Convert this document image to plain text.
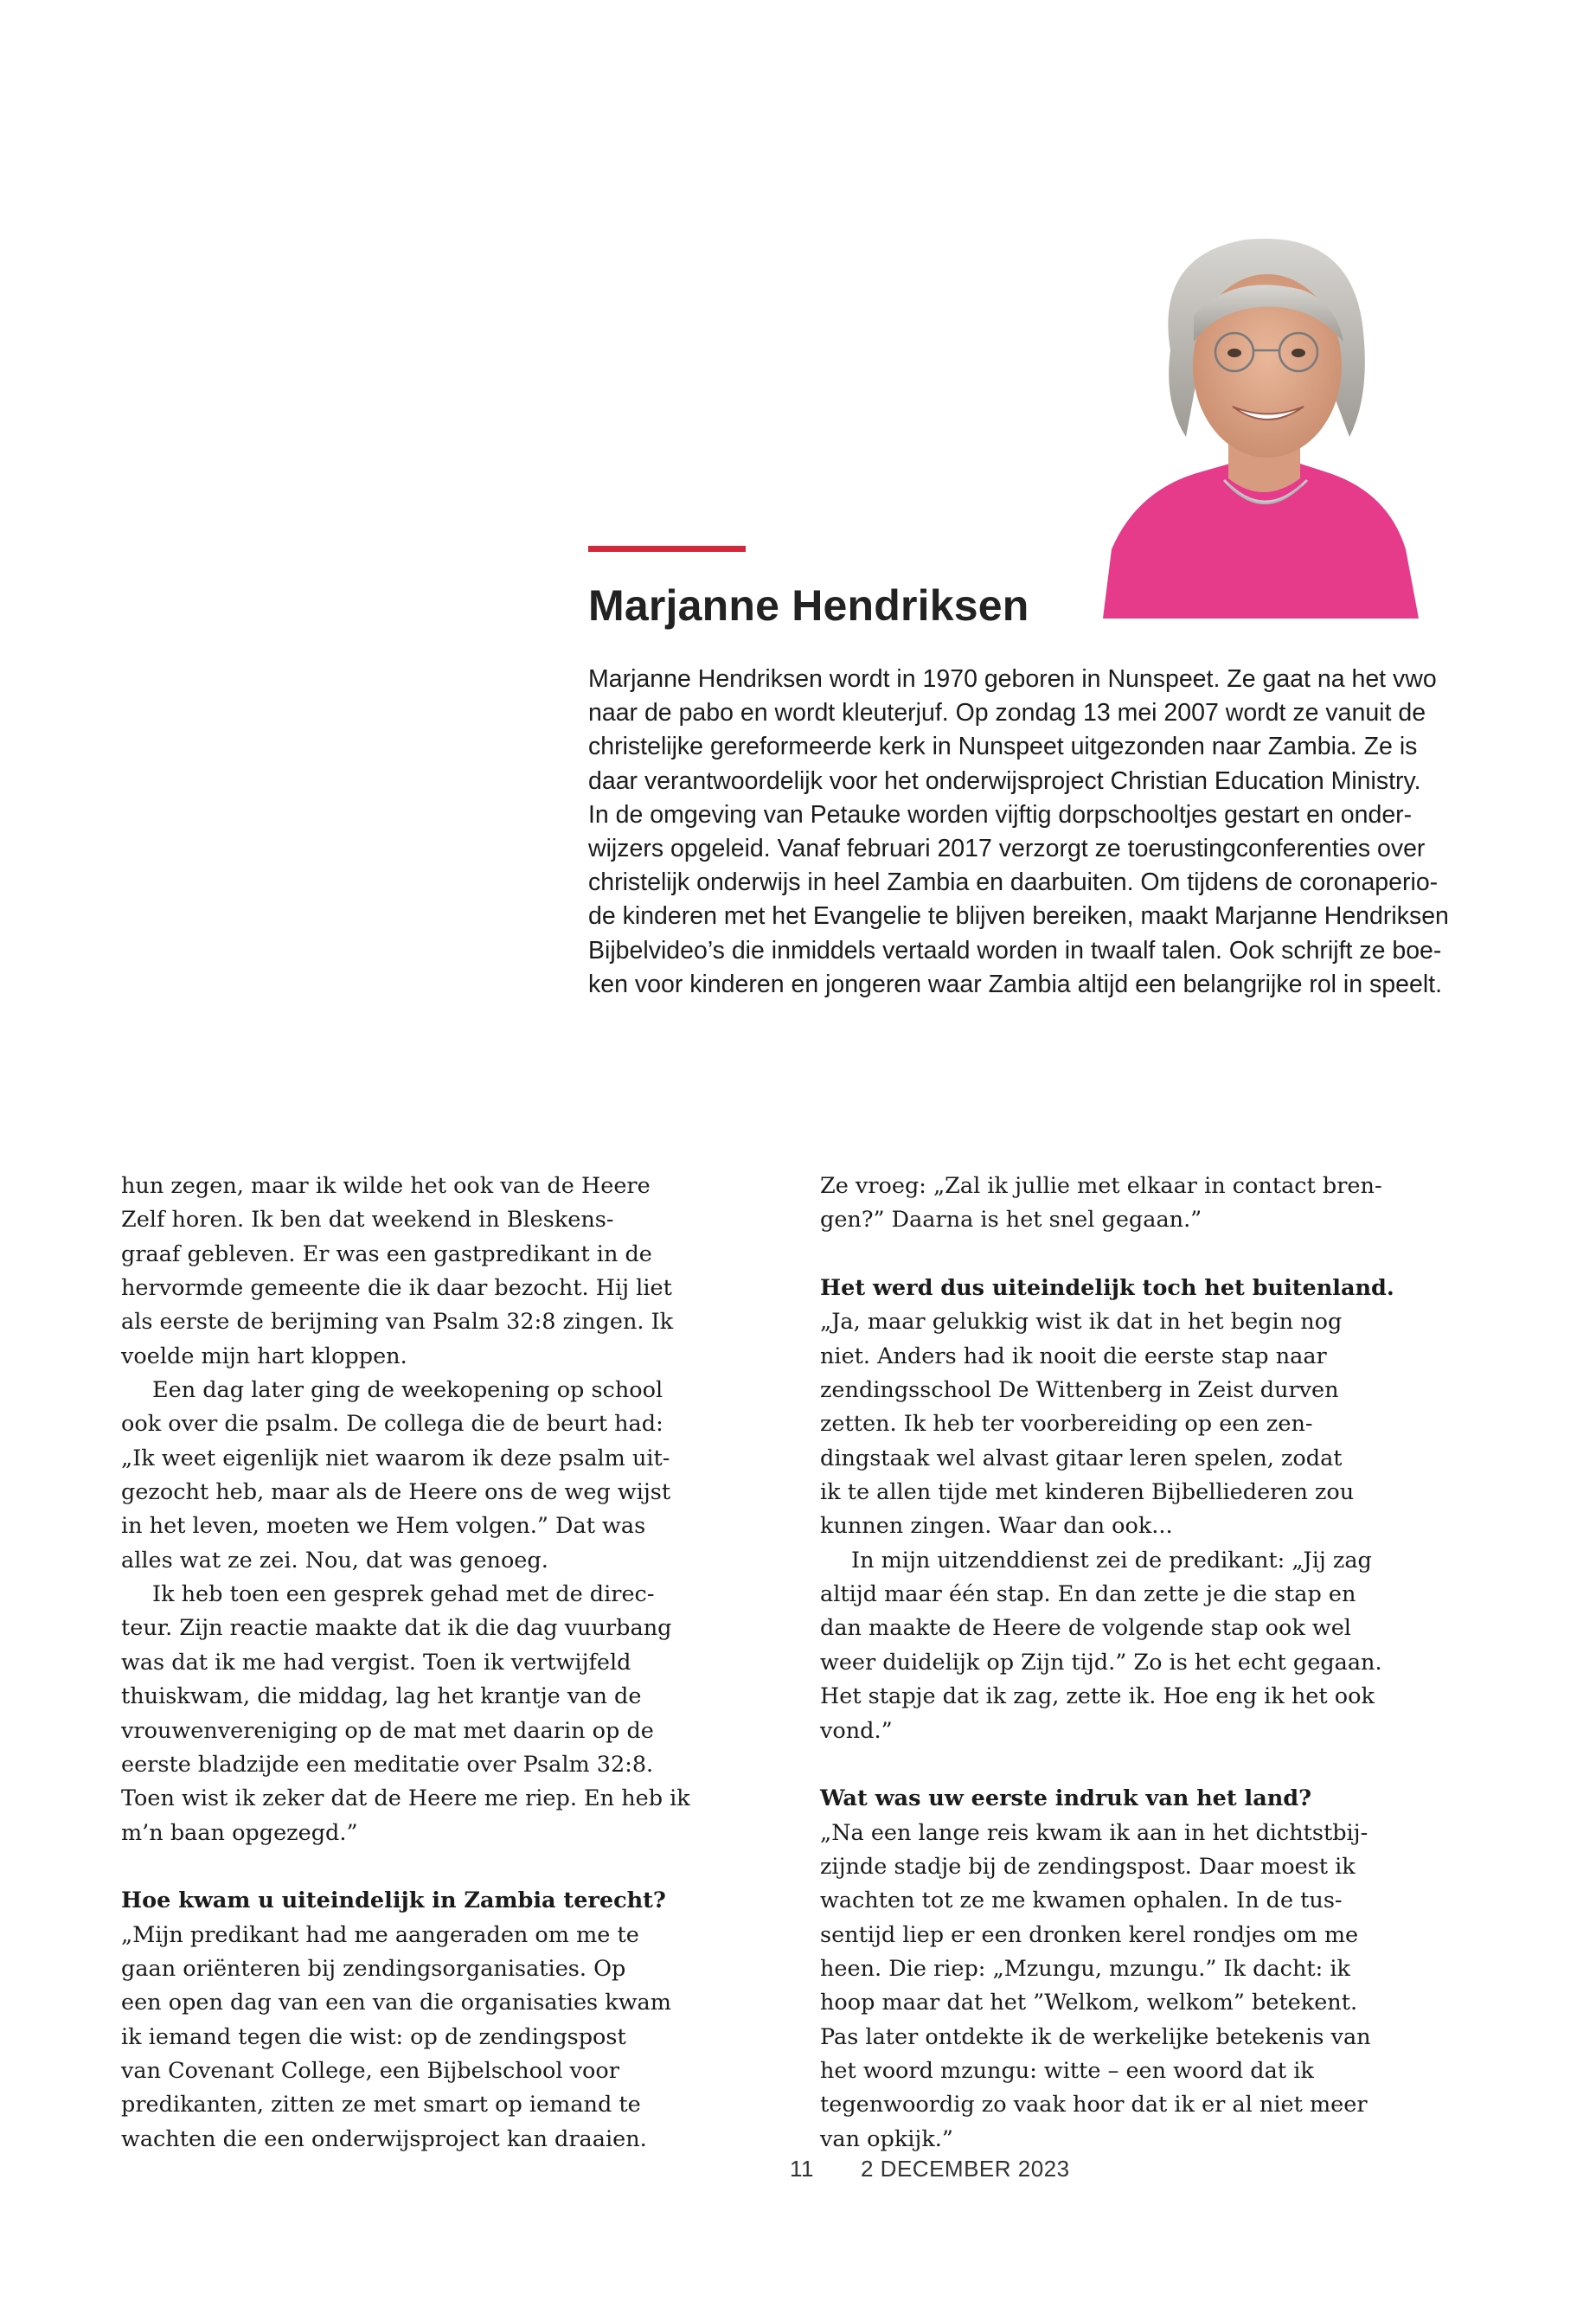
Marjanne Hendriksen
Marjanne Hendriksen wordt in 1970 geboren in Nunspeet. Ze gaat na het vwo
naar de pabo en wordt kleuterjuf. Op zondag 13 mei 2007 wordt ze vanuit de
christelijke gereformeerde kerk in Nunspeet uitgezonden naar Zambia. Ze is
daar verantwoordelijk voor het onderwijsproject Christian Education Ministry.
In de omgeving van Petauke worden vijftig dorpschooltjes gestart en onder-
wijzers opgeleid. Vanaf februari 2017 verzorgt ze toerustingconferenties over
christelijk onderwijs in heel Zambia en daarbuiten. Om tijdens de coronaperio-
de kinderen met het Evangelie te blijven bereiken, maakt Marjanne Hendriksen
Bijbelvideo’s die inmiddels vertaald worden in twaalf talen. Ook schrijft ze boe-
ken voor kinderen en jongeren waar Zambia altijd een belangrijke rol in speelt.
hun zegen, maar ik wilde het ook van de Heere
Zelf horen. Ik ben dat weekend in Bleskens-
graaf gebleven. Er was een gastpredikant in de
hervormde gemeente die ik daar bezocht. Hij liet
als eerste de berijming van Psalm 32:8 zingen. Ik
voelde mijn hart kloppen.
Een dag later ging de weekopening op school
ook over die psalm. De collega die de beurt had:
„Ik weet eigenlijk niet waarom ik deze psalm uit-
gezocht heb, maar als de Heere ons de weg wijst
in het leven, moeten we Hem volgen.” Dat was
alles wat ze zei. Nou, dat was genoeg.
Ik heb toen een gesprek gehad met de direc-
teur. Zijn reactie maakte dat ik die dag vuurbang
was dat ik me had vergist. Toen ik vertwijfeld
thuiskwam, die middag, lag het krantje van de
vrouwenvereniging op de mat met daarin op de
eerste bladzijde een meditatie over Psalm 32:8.
Toen wist ik zeker dat de Heere me riep. En heb ik
m’n baan opgezegd.”
Hoe kwam u uiteindelijk in Zambia terecht?
„Mijn predikant had me aangeraden om me te
gaan oriënteren bij zendingsorganisaties. Op
een open dag van een van die organisaties kwam
ik iemand tegen die wist: op de zendingspost
van Covenant College, een Bijbelschool voor
predikanten, zitten ze met smart op iemand te
wachten die een onderwijsproject kan draaien.
Ze vroeg: „Zal ik jullie met elkaar in contact bren-
gen?” Daarna is het snel gegaan.”
Het werd dus uiteindelijk toch het buitenland.
„Ja, maar gelukkig wist ik dat in het begin nog
niet. Anders had ik nooit die eerste stap naar
zendingsschool De Wittenberg in Zeist durven
zetten. Ik heb ter voorbereiding op een zen-
dingstaak wel alvast gitaar leren spelen, zodat
ik te allen tijde met kinderen Bijbelliederen zou
kunnen zingen. Waar dan ook...
In mijn uitzenddienst zei de predikant: „Jij zag
altijd maar één stap. En dan zette je die stap en
dan maakte de Heere de volgende stap ook wel
weer duidelijk op Zijn tijd.” Zo is het echt gegaan.
Het stapje dat ik zag, zette ik. Hoe eng ik het ook
vond.”
Wat was uw eerste indruk van het land?
„Na een lange reis kwam ik aan in het dichtstbij-
zijnde stadje bij de zendingspost. Daar moest ik
wachten tot ze me kwamen ophalen. In de tus-
sentijd liep er een dronken kerel rondjes om me
heen. Die riep: „Mzungu, mzungu.” Ik dacht: ik
hoop maar dat het ”Welkom, welkom” betekent.
Pas later ontdekte ik de werkelijke betekenis van
het woord mzungu: witte – een woord dat ik
tegenwoordig zo vaak hoor dat ik er al niet meer
van opkijk.”
11 2 DECEMBER 2023
